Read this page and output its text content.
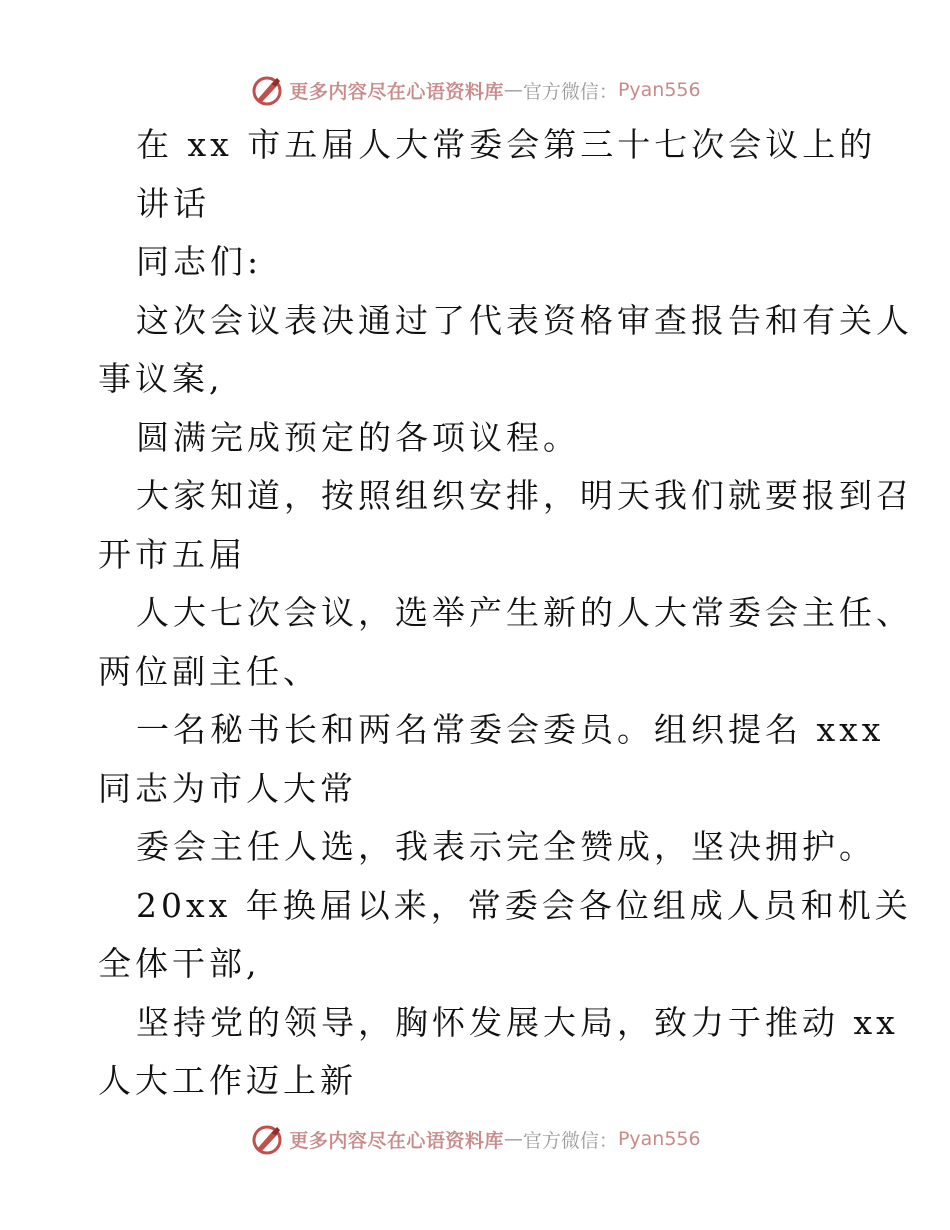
更多内容尽在心语资料库 — 官方微信： Pyan556
在 xx 市五届人大常委会第三十七次会议上的
讲话
同志们:
这次会议表决通过了代表资格审查报告和有关人
事议案,
圆满完成预定的各项议程。
大家知道，按照组织安排，明天我们就要报到召
开市五届
人大七次会议，选举产生新的人大常委会主任、
两位副主任、
一名秘书长和两名常委会委员。组织提名 xxx
同志为市人大常
委会主任人选，我表示完全赞成，坚决拥护。
20xx 年换届以来，常委会各位组成人员和机关
全体干部,
坚持党的领导，胸怀发展大局，致力于推动 xx
人大工作迈上新
更多内容尽在心语资料库 — 官方微信： Pyan556
